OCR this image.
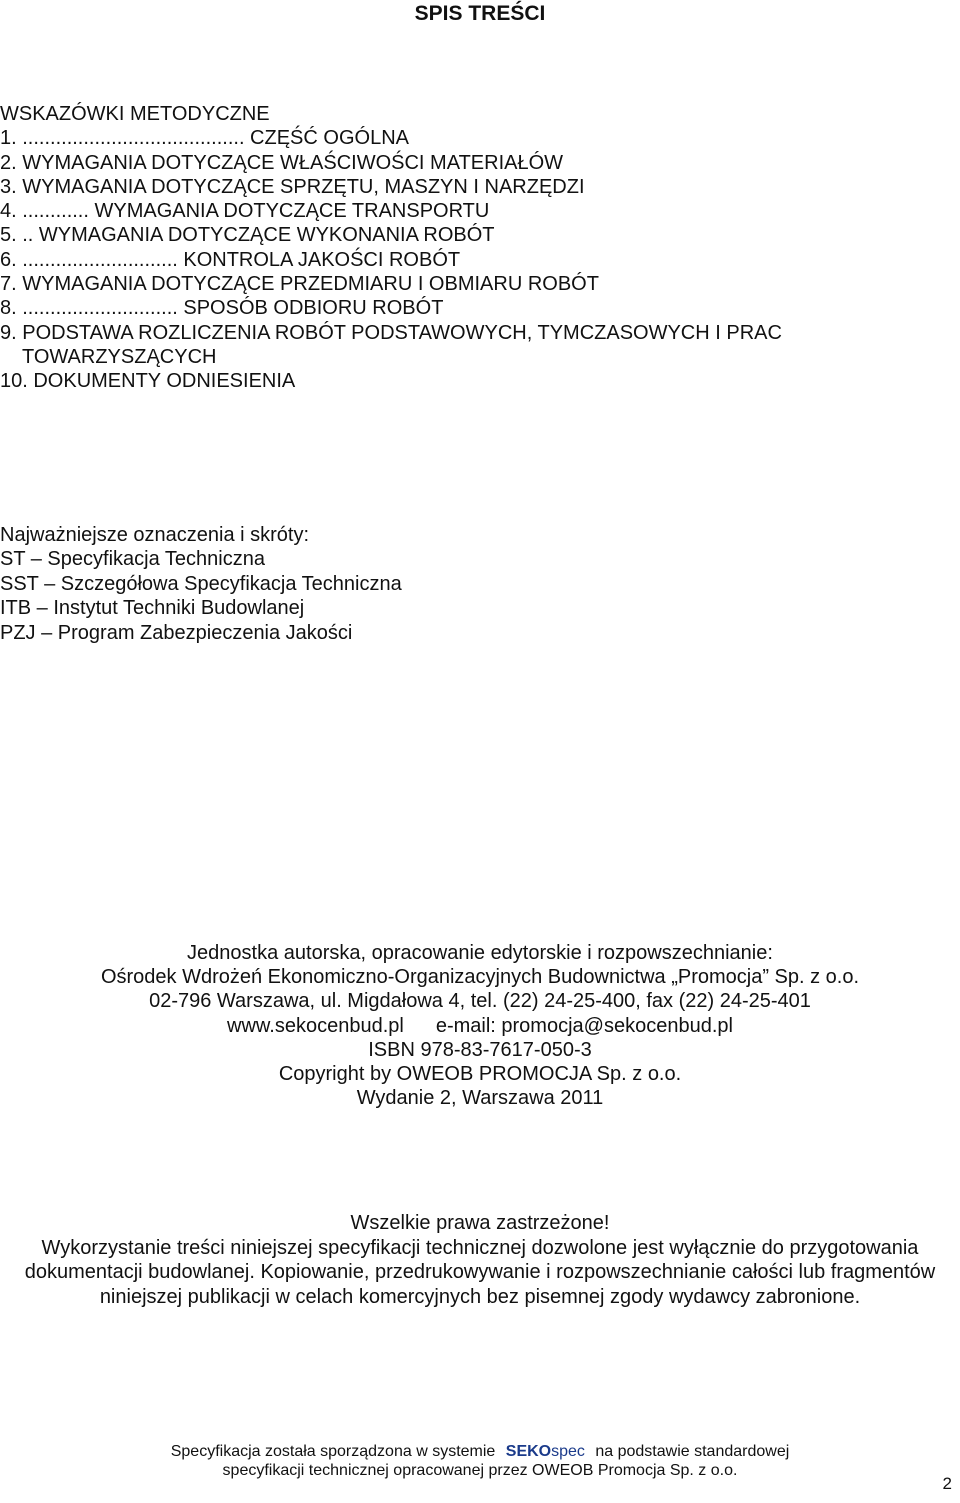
SPIS TREŚCI
WSKAZÓWKI METODYCZNE
1. ........................................ CZĘŚĆ OGÓLNA
2. WYMAGANIA DOTYCZĄCE WŁAŚCIWOŚCI MATERIAŁÓW
3. WYMAGANIA DOTYCZĄCE SPRZĘTU, MASZYN I NARZĘDZI
4. ............ WYMAGANIA DOTYCZĄCE TRANSPORTU
5. .. WYMAGANIA DOTYCZĄCE WYKONANIA ROBÓT
6. ............................ KONTROLA JAKOŚCI ROBÓT
7. WYMAGANIA DOTYCZĄCE PRZEDMIARU I OBMIARU ROBÓT
8. ............................ SPOSÓB ODBIORU ROBÓT
9. PODSTAWA ROZLICZENIA ROBÓT PODSTAWOWYCH, TYMCZASOWYCH I PRAC
TOWARZYSZĄCYCH
10. DOKUMENTY ODNIESIENIA
Najważniejsze oznaczenia i skróty:
ST – Specyfikacja Techniczna
SST – Szczegółowa Specyfikacja Techniczna
ITB – Instytut Techniki Budowlanej
PZJ – Program Zabezpieczenia Jakości
Jednostka autorska, opracowanie edytorskie i rozpowszechnianie:
Ośrodek Wdrożeń Ekonomiczno-Organizacyjnych Budownictwa „Promocja” Sp. z o.o.
02-796 Warszawa, ul. Migdałowa 4, tel. (22) 24-25-400, fax (22) 24-25-401
www.sekocenbud.pl e-mail: promocja@sekocenbud.pl
ISBN 978-83-7617-050-3
Copyright by OWEOB PROMOCJA Sp. z o.o.
Wydanie 2, Warszawa 2011
Wszelkie prawa zastrzeżone!
Wykorzystanie treści niniejszej specyfikacji technicznej dozwolone jest wyłącznie do przygotowania dokumentacji budowlanej. Kopiowanie, przedrukowywanie i rozpowszechnianie całości lub fragmentów niniejszej publikacji w celach komercyjnych bez pisemnej zgody wydawcy zabronione.
Specyfikacja została sporządzona w systemie SEKOspec na podstawie standardowej
specyfikacji technicznej opracowanej przez OWEOB Promocja Sp. z o.o.
2
